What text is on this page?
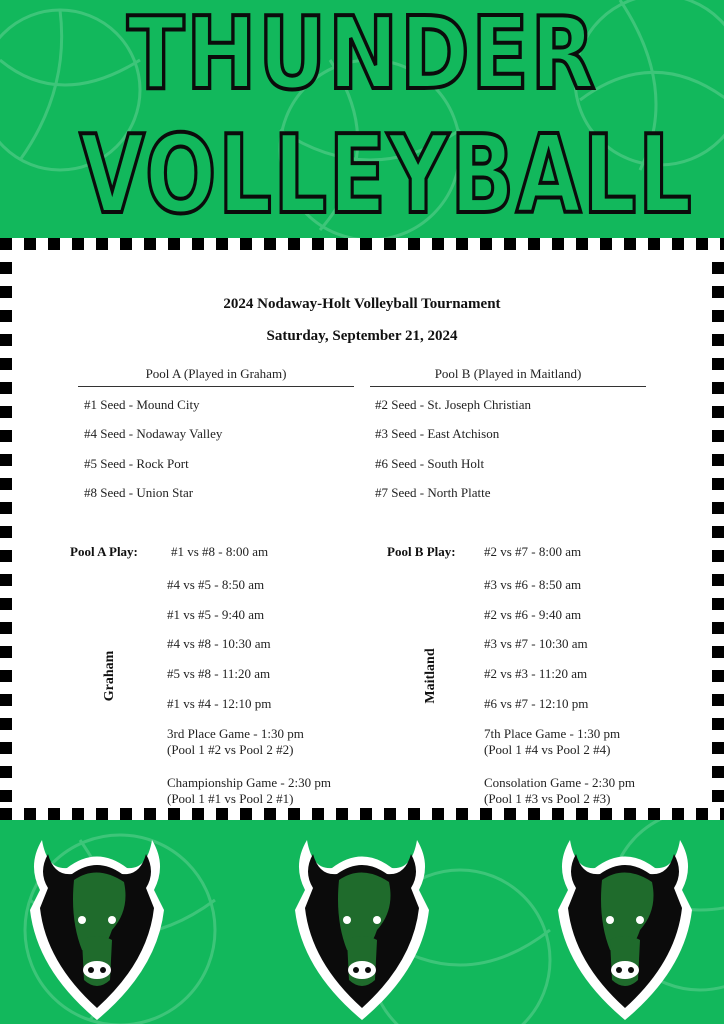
THUNDER
VOLLEYBALL
2024 Nodaway-Holt Volleyball Tournament
Saturday, September 21, 2024
Pool A (Played in Graham)
#1 Seed - Mound City
#4 Seed - Nodaway Valley
#5 Seed - Rock Port
#8 Seed - Union Star
Pool B (Played in Maitland)
#2 Seed - St. Joseph Christian
#3 Seed - East Atchison
#6 Seed - South Holt
#7 Seed - North Platte
Pool A Play:	#1 vs #8 - 8:00 am
#4 vs #5 - 8:50 am
#1 vs #5 - 9:40 am
#4 vs #8 - 10:30 am
#5 vs #8 - 11:20 am
#1 vs #4 - 12:10 pm
3rd Place Game - 1:30 pm
(Pool 1 #2 vs Pool 2 #2)
Championship Game - 2:30 pm
(Pool 1 #1 vs Pool 2 #1)
Graham
Pool B Play: #2 vs #7 - 8:00 am
#3 vs #6 - 8:50 am
#2 vs #6 - 9:40 am
#3 vs #7 - 10:30 am
#2 vs #3 - 11:20 am
#6 vs #7 - 12:10 pm
7th Place Game - 1:30 pm
(Pool 1 #4 vs Pool 2 #4)
Consolation Game - 2:30 pm
(Pool 1 #3 vs Pool 2 #3)
Maitland
